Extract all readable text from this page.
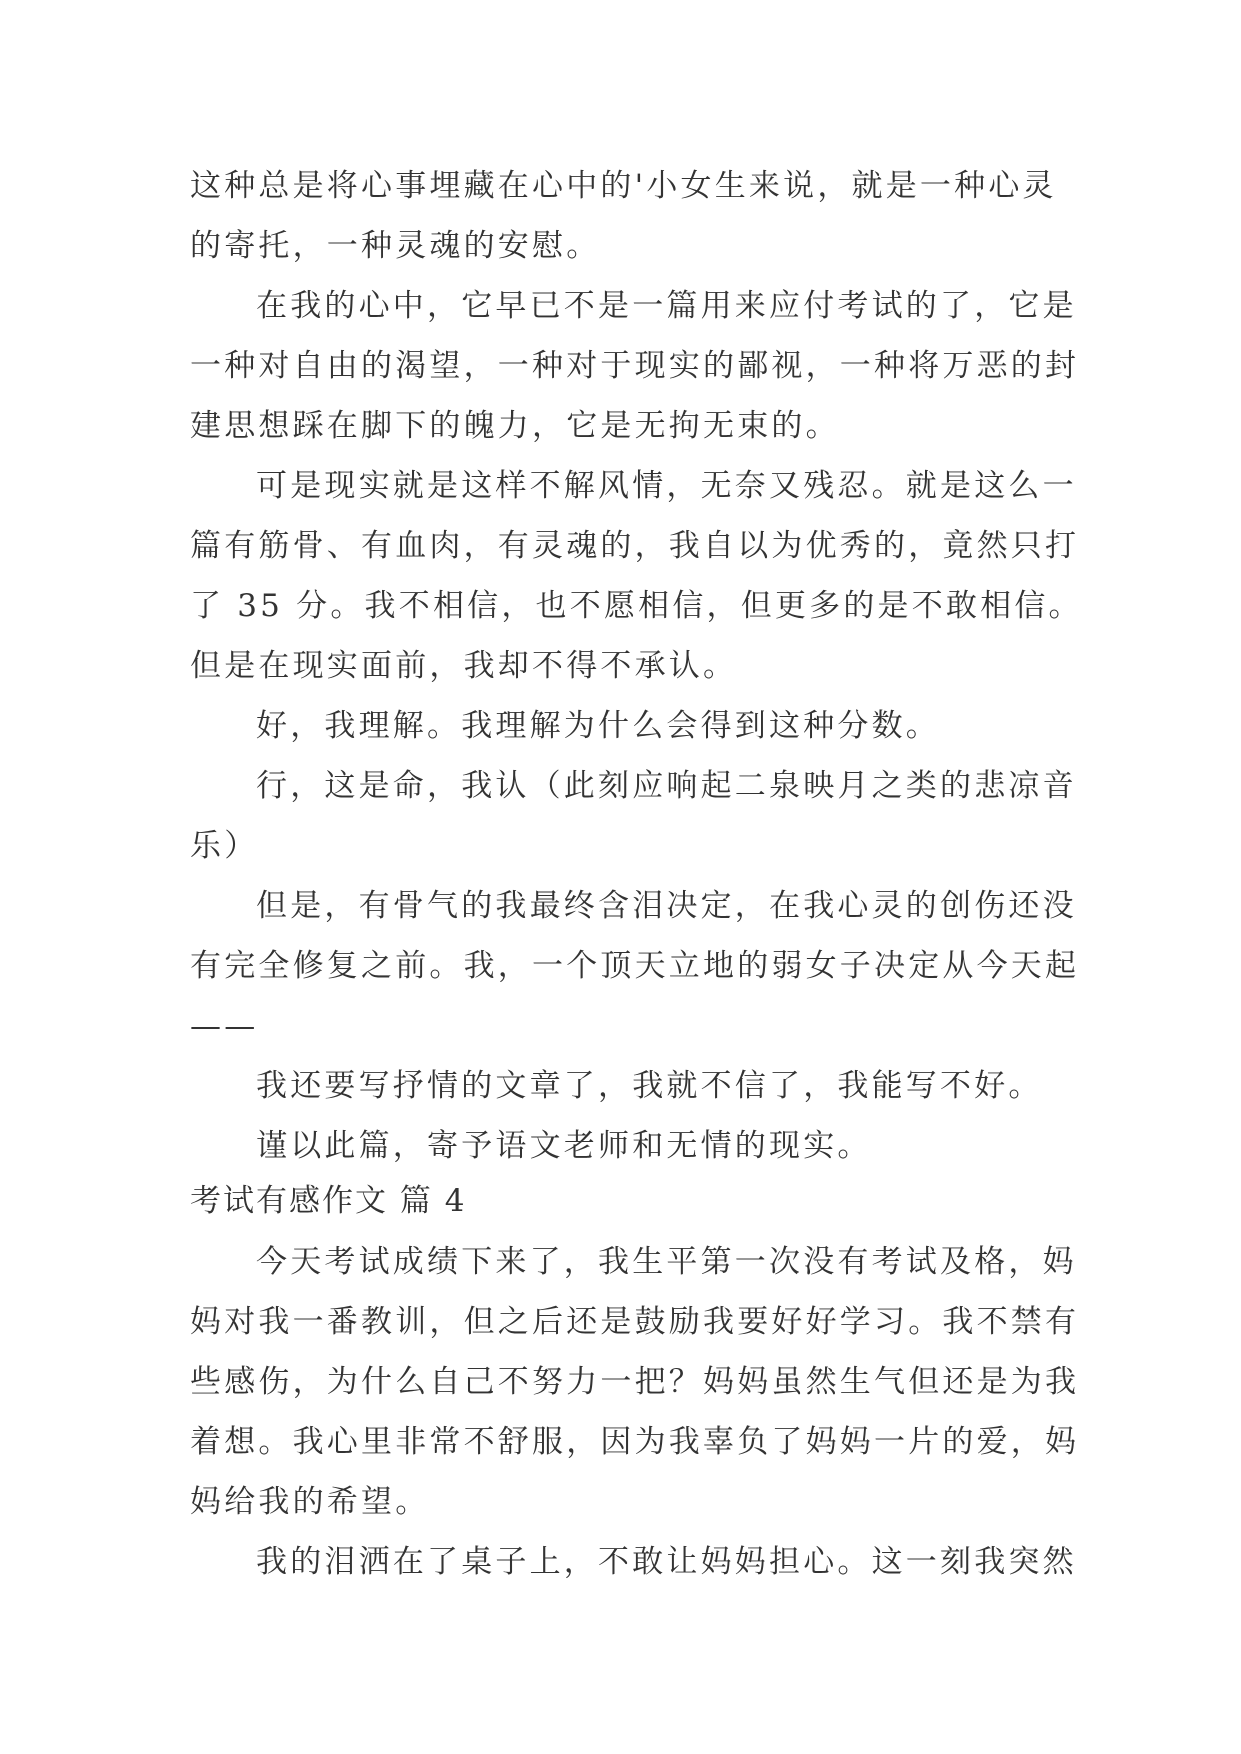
这种总是将心事埋藏在心中的'小女生来说，就是一种心灵
的寄托，一种灵魂的安慰。
在我的心中，它早已不是一篇用来应付考试的了，它是
一种对自由的渴望，一种对于现实的鄙视，一种将万恶的封
建思想踩在脚下的魄力，它是无拘无束的。
可是现实就是这样不解风情，无奈又残忍。就是这么一
篇有筋骨、有血肉，有灵魂的，我自以为优秀的，竟然只打
了 35 分。我不相信，也不愿相信，但更多的是不敢相信。
但是在现实面前，我却不得不承认。
好，我理解。我理解为什么会得到这种分数。
行，这是命，我认（此刻应响起二泉映月之类的悲凉音
乐）
但是，有骨气的我最终含泪决定，在我心灵的创伤还没
有完全修复之前。我，一个顶天立地的弱女子决定从今天起
——
我还要写抒情的文章了，我就不信了，我能写不好。
谨以此篇，寄予语文老师和无情的现实。
考试有感作文 篇 4
今天考试成绩下来了，我生平第一次没有考试及格，妈
妈对我一番教训，但之后还是鼓励我要好好学习。我不禁有
些感伤，为什么自己不努力一把？妈妈虽然生气但还是为我
着想。我心里非常不舒服，因为我辜负了妈妈一片的爱，妈
妈给我的希望。
我的泪洒在了桌子上，不敢让妈妈担心。这一刻我突然
